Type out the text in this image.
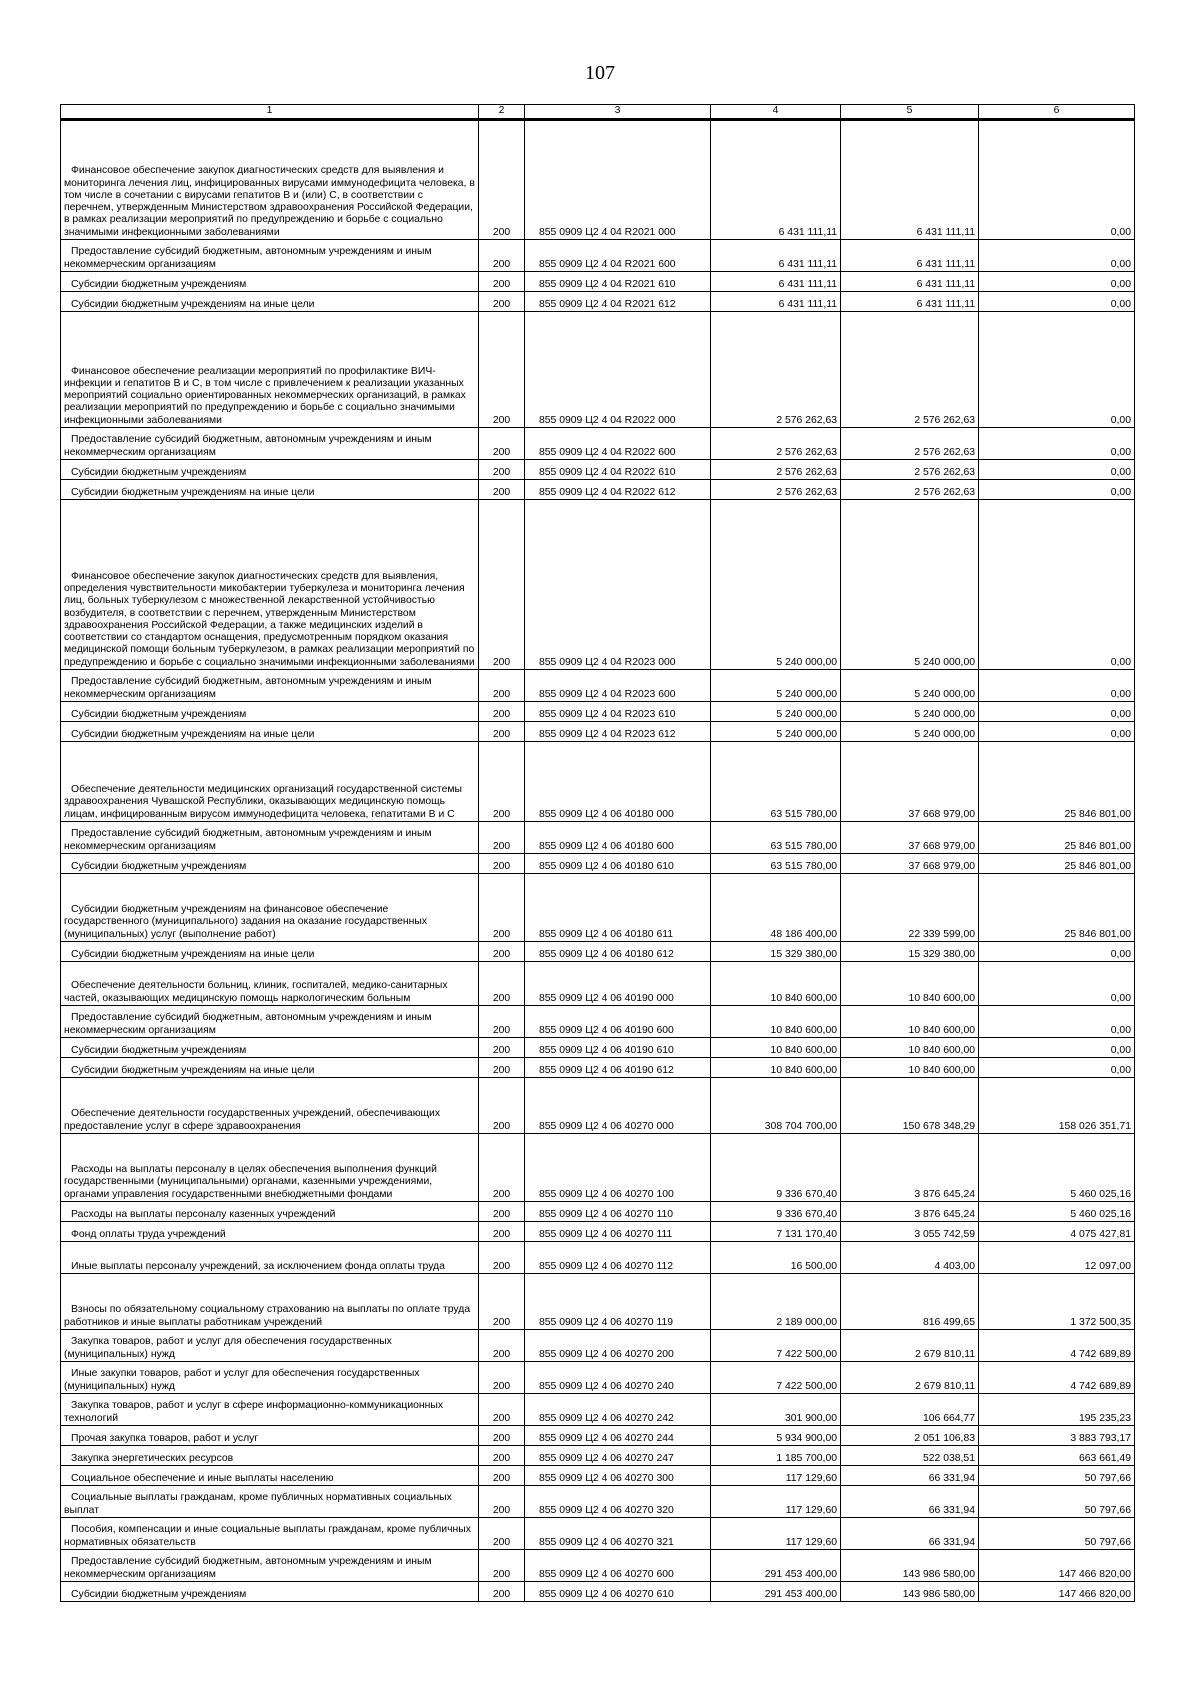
107
1	2	3	4	5	6

Финансовое обеспечение закупок диагностических средств для выявления и мониторинга лечения лиц, инфицированных вирусами иммунодефицита человека, в том числе в сочетании с вирусами гепатитов В и (или) С, в соответствии с перечнем, утвержденным Министерством здравоохранения Российской Федерации, в рамках реализации мероприятий по предупреждению и борьбе с социально значимыми инфекционными заболеваниями	200	855 0909 Ц2 4 04 R2021 000	6 431 111,11	6 431 111,11	0,00

Предоставление субсидий бюджетным, автономным учреждениям и иным некоммерческим организациям	200	855 0909 Ц2 4 04 R2021 600	6 431 111,11	6 431 111,11	0,00

Субсидии бюджетным учреждениям	200	855 0909 Ц2 4 04 R2021 610	6 431 111,11	6 431 111,11	0,00

Субсидии бюджетным учреждениям на иные цели	200	855 0909 Ц2 4 04 R2021 612	6 431 111,11	6 431 111,11	0,00

Финансовое обеспечение реализации мероприятий по профилактике ВИЧ-инфекции и гепатитов В и С, в том числе с привлечением к реализации указанных мероприятий социально ориентированных некоммерческих организаций, в рамках реализации мероприятий по предупреждению и борьбе с социально значимыми инфекционными заболеваниями	200	855 0909 Ц2 4 04 R2022 000	2 576 262,63	2 576 262,63	0,00

Предоставление субсидий бюджетным, автономным учреждениям и иным некоммерческим организациям	200	855 0909 Ц2 4 04 R2022 600	2 576 262,63	2 576 262,63	0,00

Субсидии бюджетным учреждениям	200	855 0909 Ц2 4 04 R2022 610	2 576 262,63	2 576 262,63	0,00

Субсидии бюджетным учреждениям на иные цели	200	855 0909 Ц2 4 04 R2022 612	2 576 262,63	2 576 262,63	0,00

Финансовое обеспечение закупок диагностических средств для выявления, определения чувствительности микобактерии туберкулеза и мониторинга лечения лиц, больных туберкулезом с множественной лекарственной устойчивостью возбудителя, в соответствии с перечнем, утвержденным Министерством здравоохранения Российской Федерации, а также медицинских изделий в соответствии со стандартом оснащения, предусмотренным порядком оказания медицинской помощи больным туберкулезом, в рамках реализации мероприятий по предупреждению и борьбе с социально значимыми инфекционными заболеваниями	200	855 0909 Ц2 4 04 R2023 000	5 240 000,00	5 240 000,00	0,00

Предоставление субсидий бюджетным, автономным учреждениям и иным некоммерческим организациям	200	855 0909 Ц2 4 04 R2023 600	5 240 000,00	5 240 000,00	0,00

Субсидии бюджетным учреждениям	200	855 0909 Ц2 4 04 R2023 610	5 240 000,00	5 240 000,00	0,00

Субсидии бюджетным учреждениям на иные цели	200	855 0909 Ц2 4 04 R2023 612	5 240 000,00	5 240 000,00	0,00

Обеспечение деятельности медицинских организаций государственной системы здравоохранения Чувашской Республики, оказывающих медицинскую помощь лицам, инфицированным вирусом иммунодефицита человека, гепатитами В и С	200	855 0909 Ц2 4 06 40180 000	63 515 780,00	37 668 979,00	25 846 801,00

Предоставление субсидий бюджетным, автономным учреждениям и иным некоммерческим организациям	200	855 0909 Ц2 4 06 40180 600	63 515 780,00	37 668 979,00	25 846 801,00

Субсидии бюджетным учреждениям	200	855 0909 Ц2 4 06 40180 610	63 515 780,00	37 668 979,00	25 846 801,00

Субсидии бюджетным учреждениям на финансовое обеспечение государственного (муниципального) задания на оказание государственных (муниципальных) услуг (выполнение работ)	200	855 0909 Ц2 4 06 40180 611	48 186 400,00	22 339 599,00	25 846 801,00

Субсидии бюджетным учреждениям на иные цели	200	855 0909 Ц2 4 06 40180 612	15 329 380,00	15 329 380,00	0,00

Обеспечение деятельности больниц, клиник, госпиталей, медико-санитарных частей, оказывающих медицинскую помощь наркологическим больным	200	855 0909 Ц2 4 06 40190 000	10 840 600,00	10 840 600,00	0,00

Предоставление субсидий бюджетным, автономным учреждениям и иным некоммерческим организациям	200	855 0909 Ц2 4 06 40190 600	10 840 600,00	10 840 600,00	0,00

Субсидии бюджетным учреждениям	200	855 0909 Ц2 4 06 40190 610	10 840 600,00	10 840 600,00	0,00

Субсидии бюджетным учреждениям на иные цели	200	855 0909 Ц2 4 06 40190 612	10 840 600,00	10 840 600,00	0,00

Обеспечение деятельности государственных учреждений, обеспечивающих предоставление услуг в сфере здравоохранения	200	855 0909 Ц2 4 06 40270 000	308 704 700,00	150 678 348,29	158 026 351,71

Расходы на выплаты персоналу в целях обеспечения выполнения функций государственными (муниципальными) органами, казенными учреждениями, органами управления государственными внебюджетными фондами	200	855 0909 Ц2 4 06 40270 100	9 336 670,40	3 876 645,24	5 460 025,16

Расходы на выплаты персоналу казенных учреждений	200	855 0909 Ц2 4 06 40270 110	9 336 670,40	3 876 645,24	5 460 025,16

Фонд оплаты труда учреждений	200	855 0909 Ц2 4 06 40270 111	7 131 170,40	3 055 742,59	4 075 427,81

Иные выплаты персоналу учреждений, за исключением фонда оплаты труда	200	855 0909 Ц2 4 06 40270 112	16 500,00	4 403,00	12 097,00

Взносы по обязательному социальному страхованию на выплаты по оплате труда работников и иные выплаты работникам учреждений	200	855 0909 Ц2 4 06 40270 119	2 189 000,00	816 499,65	1 372 500,35

Закупка товаров, работ и услуг для обеспечения государственных (муниципальных) нужд	200	855 0909 Ц2 4 06 40270 200	7 422 500,00	2 679 810,11	4 742 689,89

Иные закупки товаров, работ и услуг для обеспечения государственных (муниципальных) нужд	200	855 0909 Ц2 4 06 40270 240	7 422 500,00	2 679 810,11	4 742 689,89

Закупка товаров, работ и услуг в сфере информационно-коммуникационных технологий	200	855 0909 Ц2 4 06 40270 242	301 900,00	106 664,77	195 235,23

Прочая закупка товаров, работ и услуг	200	855 0909 Ц2 4 06 40270 244	5 934 900,00	2 051 106,83	3 883 793,17

Закупка энергетических ресурсов	200	855 0909 Ц2 4 06 40270 247	1 185 700,00	522 038,51	663 661,49

Социальное обеспечение и иные выплаты населению	200	855 0909 Ц2 4 06 40270 300	117 129,60	66 331,94	50 797,66

Социальные выплаты гражданам, кроме публичных нормативных социальных выплат	200	855 0909 Ц2 4 06 40270 320	117 129,60	66 331,94	50 797,66

Пособия, компенсации и иные социальные выплаты гражданам, кроме публичных нормативных обязательств	200	855 0909 Ц2 4 06 40270 321	117 129,60	66 331,94	50 797,66

Предоставление субсидий бюджетным, автономным учреждениям и иным некоммерческим организациям	200	855 0909 Ц2 4 06 40270 600	291 453 400,00	143 986 580,00	147 466 820,00

Субсидии бюджетным учреждениям	200	855 0909 Ц2 4 06 40270 610	291 453 400,00	143 986 580,00	147 466 820,00
